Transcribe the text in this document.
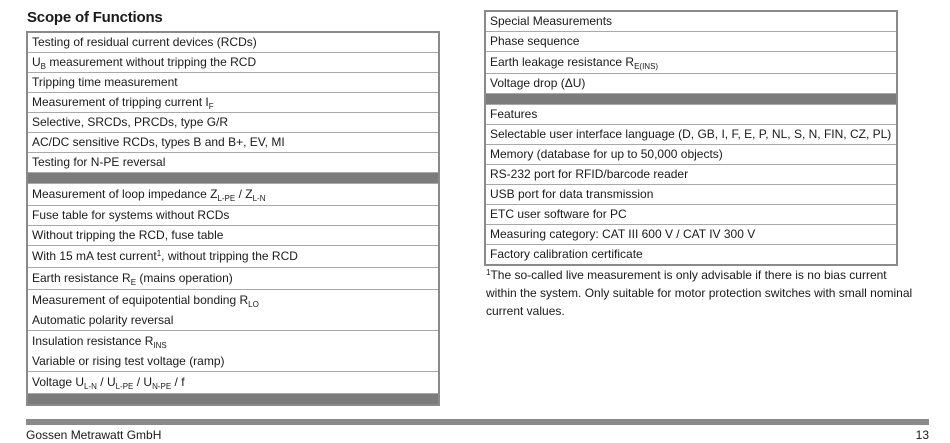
Scope of Functions
Testing of residual current devices (RCDs)
$U_B$ measurement without tripping the RCD
Tripping time measurement
Measurement of tripping current $I_F$
Selective, SRCDs, PRCDs, type G/R
AC/DC sensitive RCDs, types B and B+, EV, MI
Testing for N-PE reversal
Measurement of loop impedance $Z_{L-PE} / Z_{L-N}$
Fuse table for systems without RCDs
Without tripping the RCD, fuse table
With 15 mA test current$^1$, without tripping the RCD
Earth resistance $R_E$ (mains operation)
Measurement of equipotential bonding $R_{LO}$
Automatic polarity reversal
Insulation resistance $R_{INS}$
Variable or rising test voltage (ramp)
Voltage $U_{L-N} / U_{L-PE} / U_{N-PE}$ / f
Special Measurements
Phase sequence
Earth leakage resistance $R_{E(INS)}$
Voltage drop (ΔU)
Features
Selectable user interface language (D, GB, I, F, E, P, NL, S, N, FIN, CZ, PL)
Memory (database for up to 50,000 objects)
RS-232 port for RFID/barcode reader
USB port for data transmission
ETC user software for PC
Measuring category: CAT III 600 V / CAT IV 300 V
Factory calibration certificate
$^1$The so-called live measurement is only advisable if there is no bias current within the system. Only suitable for motor protection switches with small nominal current values.
Gossen Metrawatt GmbH	13
